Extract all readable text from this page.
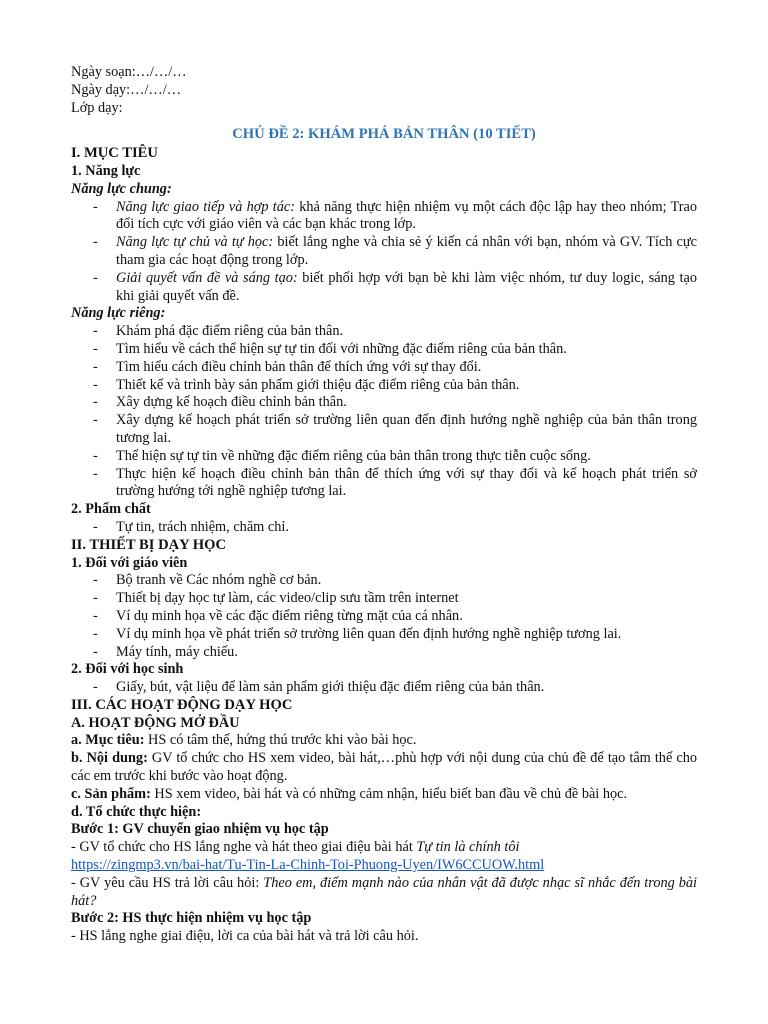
Ngày soạn:…/…/…

Ngày dạy:…/…/…

Lớp dạy:

CHỦ ĐỀ 2: KHÁM PHÁ BẢN THÂN (10 TIẾT)

I. MỤC TIÊU

1. Năng lực

Năng lực chung:

- Năng lực giao tiếp và hợp tác: khả năng thực hiện nhiệm vụ một cách độc lập hay theo nhóm; Trao đổi tích cực với giáo viên và các bạn khác trong lớp.
- Năng lực tự chủ và tự học: biết lắng nghe và chia sẻ ý kiến cá nhân với bạn, nhóm và GV. Tích cực tham gia các hoạt động trong lớp.
- Giải quyết vấn đề và sáng tạo: biết phối hợp với bạn bè khi làm việc nhóm, tư duy logic, sáng tạo khi giải quyết vấn đề.

Năng lực riêng:

- Khám phá đặc điểm riêng của bản thân.
- Tìm hiểu về cách thể hiện sự tự tin đối với những đặc điểm riêng của bản thân.
- Tìm hiểu cách điều chỉnh bản thân để thích ứng với sự thay đổi.
- Thiết kế và trình bày sản phẩm giới thiệu đặc điểm riêng của bản thân.
- Xây dựng kế hoạch điều chỉnh bản thân.
- Xây dựng kế hoạch phát triển sở trường liên quan đến định hướng nghề nghiệp của bản thân trong tương lai.
- Thể hiện sự tự tin về những đặc điểm riêng của bản thân trong thực tiễn cuộc sống.
- Thực hiện kế hoạch điều chỉnh bản thân để thích ứng với sự thay đổi và kế hoạch phát triển sở trường hướng tới nghề nghiệp tương lai.

2. Phẩm chất

- Tự tin, trách nhiệm, chăm chỉ.

II. THIẾT BỊ DẠY HỌC

1. Đối với giáo viên

- Bộ tranh về Các nhóm nghề cơ bản.
- Thiết bị dạy học tự làm, các video/clip sưu tầm trên internet
- Ví dụ minh họa về các đặc điểm riêng từng mặt của cá nhân.
- Ví dụ minh họa về phát triển sở trường liên quan đến định hướng nghề nghiệp tương lai.
- Máy tính, máy chiếu.

2. Đối với học sinh

- Giấy, bút, vật liệu để làm sản phẩm giới thiệu đặc điểm riêng của bản thân.

III. CÁC HOẠT ĐỘNG DẠY HỌC

A. HOẠT ĐỘNG MỞ ĐẦU

a. Mục tiêu: HS có tâm thế, hứng thú trước khi vào bài học.

b. Nội dung: GV tổ chức cho HS xem video, bài hát,…phù hợp với nội dung của chủ đề để tạo tâm thế cho các em trước khi bước vào hoạt động.

c. Sản phẩm: HS xem video, bài hát và có những cảm nhận, hiểu biết ban đầu về chủ đề bài học.

d. Tổ chức thực hiện:

Bước 1: GV chuyển giao nhiệm vụ học tập

- GV tổ chức cho HS lắng nghe và hát theo giai điệu bài hát Tự tin là chính tôi

https://zingmp3.vn/bai-hat/Tu-Tin-La-Chinh-Toi-Phuong-Uyen/IW6CCUOW.html

- GV yêu cầu HS trả lời câu hỏi: Theo em, điểm mạnh nào của nhân vật đã được nhạc sĩ nhắc đến trong bài hát?

Bước 2: HS thực hiện nhiệm vụ học tập

- HS lắng nghe giai điệu, lời ca của bài hát và trả lời câu hỏi.
